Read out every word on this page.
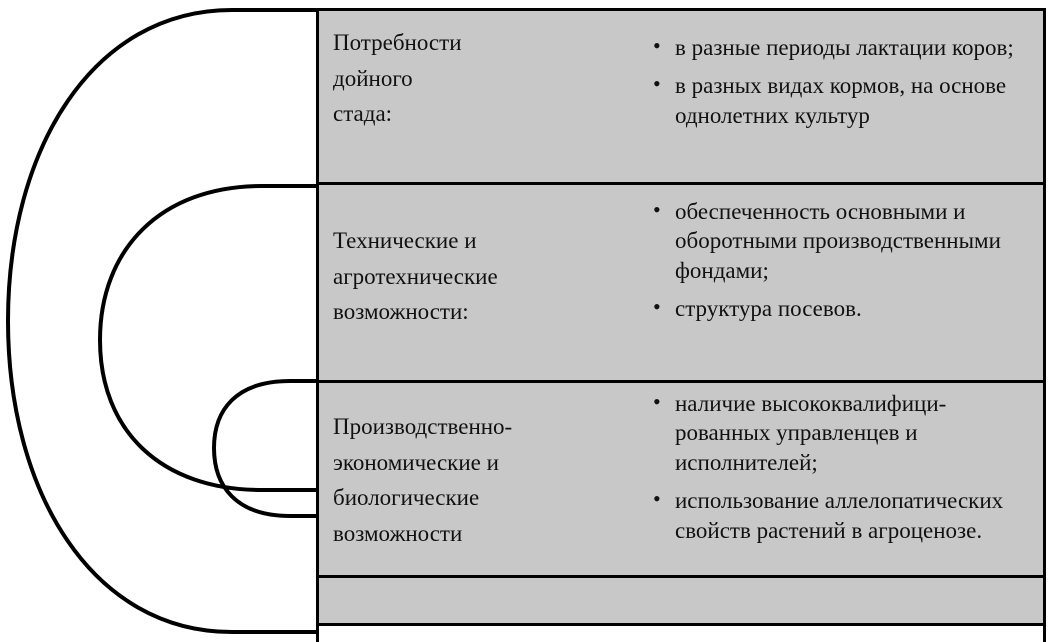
Потребности
дойного
стада:
• в разные периоды лактации коров;
• в разных видах кормов, на основе однолетних культур
Технические и
агротехнические
возможности:
• обеспеченность основными и оборотными производственными фондами;
• структура посевов.
Производственно-
экономические и
биологические
возможности
• наличие высококвалифици-рованных управленцев и исполнителей;
• использование аллелопатических свойств растений в агроценозе.
